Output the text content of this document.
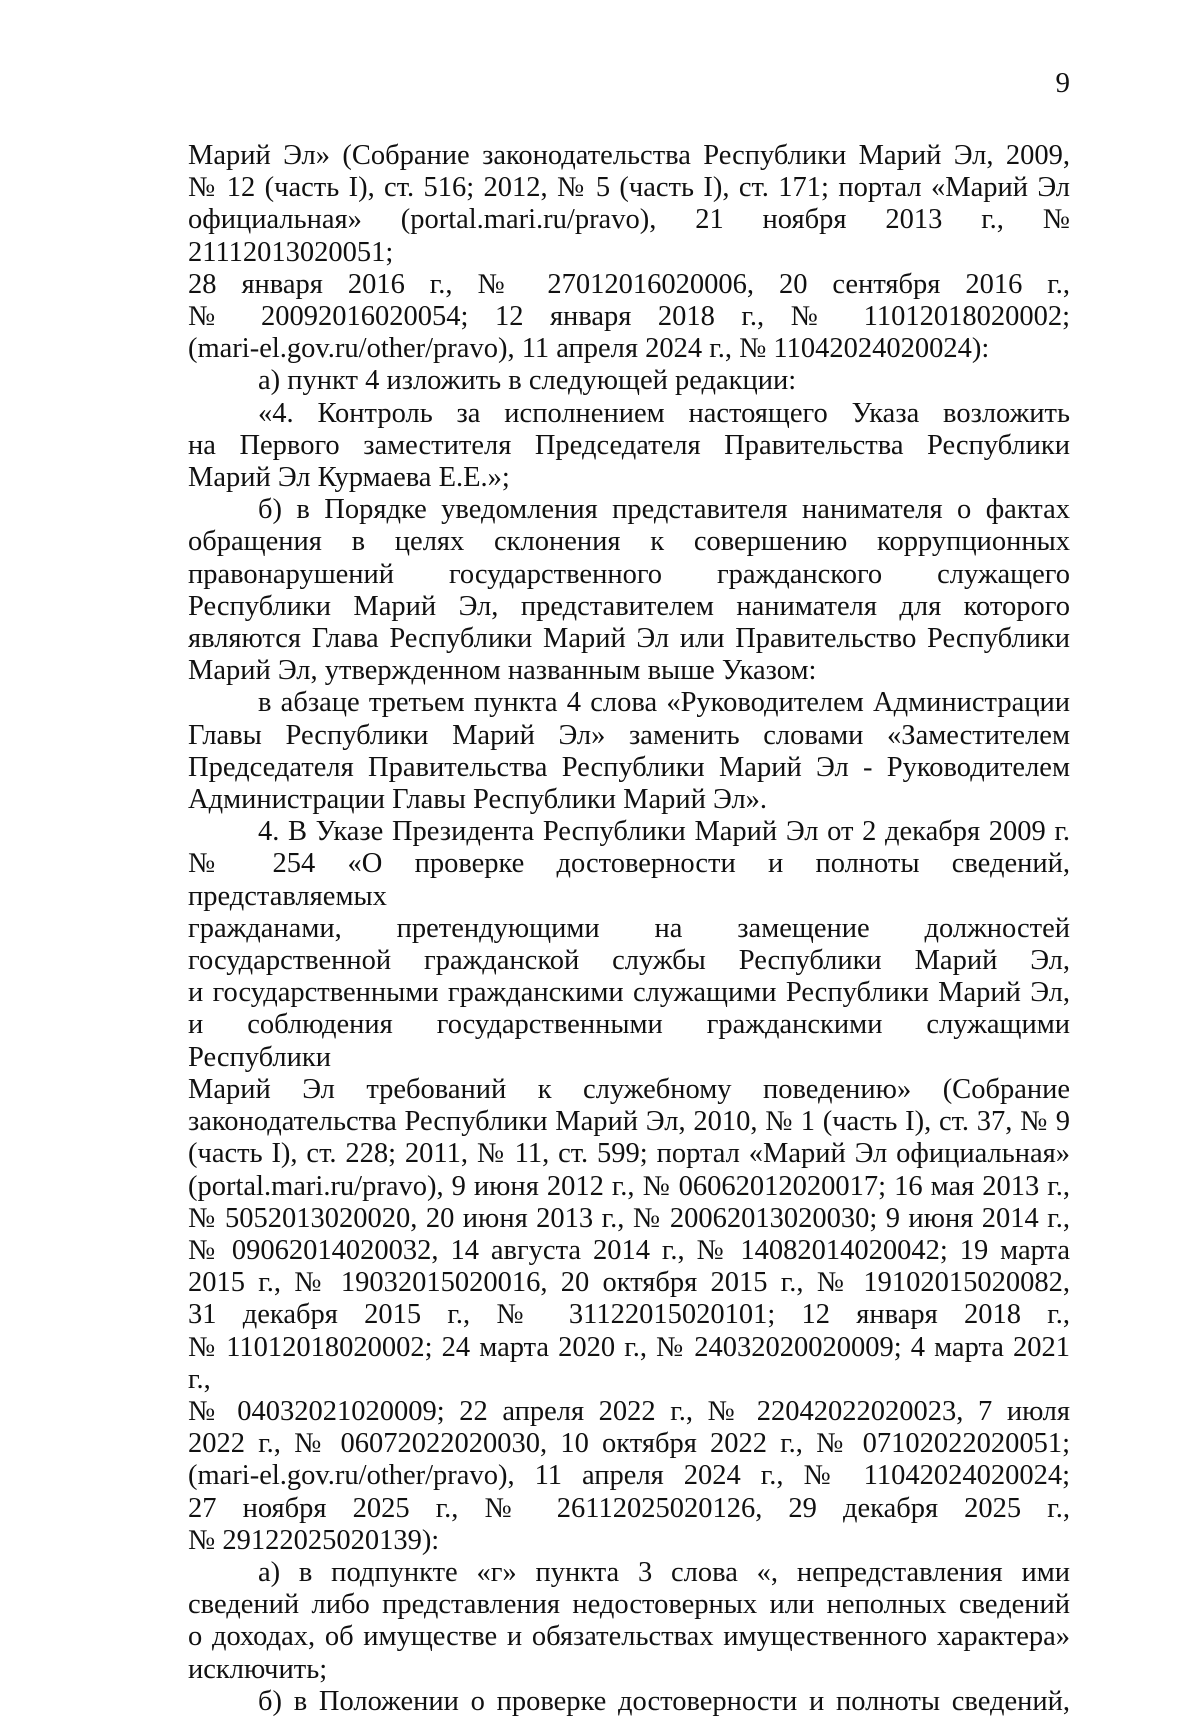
9

Марий Эл» (Собрание законодательства Республики Марий Эл, 2009,

№ 12 (часть I), ст. 516; 2012, № 5 (часть I), ст. 171; портал «Марий Эл

официальная» (portal.mari.ru/pravo), 21 ноября 2013 г., № 21112013020051;

28 января 2016 г., № 27012016020006, 20 сентября 2016 г.,

№ 20092016020054; 12 января 2018 г., № 11012018020002;

(mari-el.gov.ru/other/pravo), 11 апреля 2024 г., № 11042024020024):

а) пункт 4 изложить в следующей редакции:

«4. Контроль за исполнением настоящего Указа возложить

на Первого заместителя Председателя Правительства Республики

Марий Эл Курмаева Е.Е.»;

б) в Порядке уведомления представителя нанимателя о фактах

обращения в целях склонения к совершению коррупционных

правонарушений государственного гражданского служащего

Республики Марий Эл, представителем нанимателя для которого

являются Глава Республики Марий Эл или Правительство Республики

Марий Эл, утвержденном названным выше Указом:

в абзаце третьем пункта 4 слова «Руководителем Администрации

Главы Республики Марий Эл» заменить словами «Заместителем

Председателя Правительства Республики Марий Эл - Руководителем

Администрации Главы Республики Марий Эл».

4. В Указе Президента Республики Марий Эл от 2 декабря 2009 г.

№ 254 «О проверке достоверности и полноты сведений, представляемых

гражданами, претендующими на замещение должностей

государственной гражданской службы Республики Марий Эл,

и государственными гражданскими служащими Республики Марий Эл,

и соблюдения государственными гражданскими служащими Республики

Марий Эл требований к служебному поведению» (Собрание

законодательства Республики Марий Эл, 2010, № 1 (часть I), ст. 37, № 9

(часть I), ст. 228; 2011, № 11, ст. 599; портал «Марий Эл официальная»

(portal.mari.ru/pravo), 9 июня 2012 г., № 06062012020017; 16 мая 2013 г.,

№ 5052013020020, 20 июня 2013 г., № 20062013020030; 9 июня 2014 г.,

№ 09062014020032, 14 августа 2014 г., № 14082014020042; 19 марта

2015 г., № 19032015020016, 20 октября 2015 г., № 19102015020082,

31 декабря 2015 г., № 31122015020101; 12 января 2018 г.,

№ 11012018020002; 24 марта 2020 г., № 24032020020009; 4 марта 2021 г.,

№ 04032021020009; 22 апреля 2022 г., № 22042022020023, 7 июля

2022 г., № 06072022020030, 10 октября 2022 г., № 07102022020051;

(mari-el.gov.ru/other/pravo), 11 апреля 2024 г., № 11042024020024;

27 ноября 2025 г., № 26112025020126, 29 декабря 2025 г.,

№ 29122025020139):

а) в подпункте «г» пункта 3 слова «, непредставления ими

сведений либо представления недостоверных или неполных сведений

о доходах, об имуществе и обязательствах имущественного характера»

исключить;

б) в Положении о проверке достоверности и полноты сведений,
